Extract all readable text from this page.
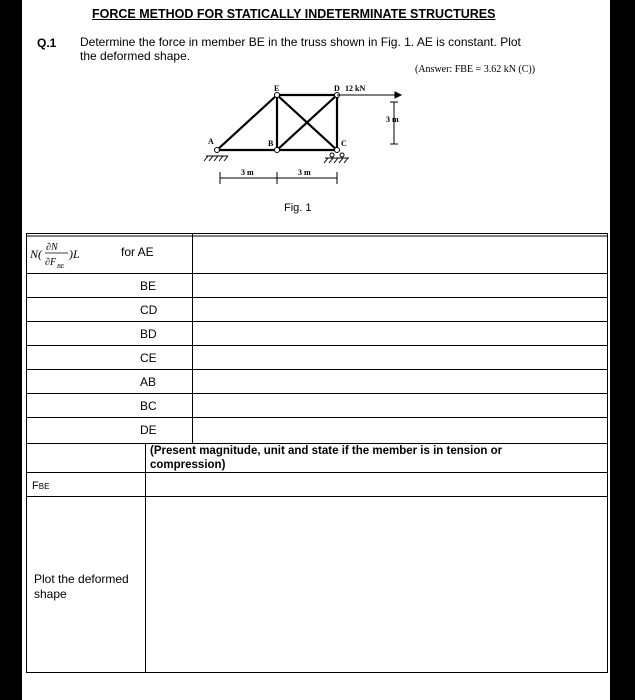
FORCE METHOD FOR STATICALLY INDETERMINATE STRUCTURES
Q.1 Determine the force in member BE in the truss shown in Fig. 1. AE is constant. Plot
the deformed shape.
(Answer: FBE = 3.62 kN (C))
A	B	C
E	D 12 kN
3 m
3 m	3 m
Fig. 1
N( ∂N
∂F BE
)L	for AE
BE
CD
BD
CE
AB
BC
DE
(Present magnitude, unit and state if the member is in tension or
compression)
FBE
Plot the deformed
shape
